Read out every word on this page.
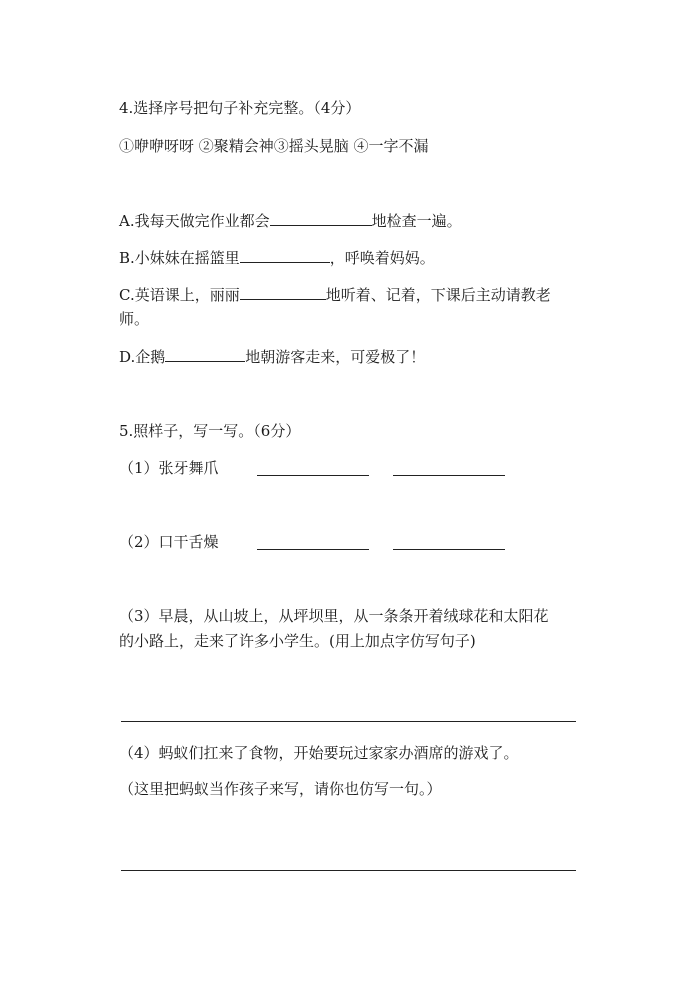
4.选择序号把句子补充完整。（4分）
①咿咿呀呀 ②聚精会神③摇头晃脑 ④一字不漏
A.我每天做完作业都会	地检查一遍。
B.小妹妹在摇篮里	，呼唤着妈妈。
C.英语课上，丽丽	地听着、记着，下课后主动请教老
师。
D.企鹅	地朝游客走来，可爱极了！
5.照样子，写一写。（6分）
（1）张牙舞爪
（2）口干舌燥
（3）早晨，从山坡上，从坪坝里，从一条条开着绒球花和太阳花
的小路上，走来了许多小学生。(用上加点字仿写句子)
（4）蚂蚁们扛来了食物，开始要玩过家家办酒席的游戏了。
（这里把蚂蚁当作孩子来写，请你也仿写一句。）
